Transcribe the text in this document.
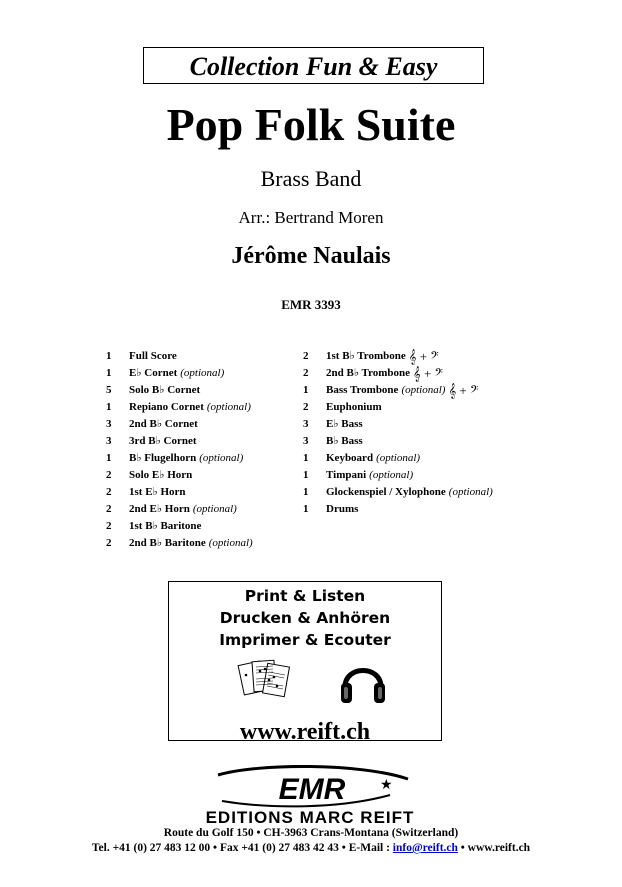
Collection Fun & Easy
Pop Folk Suite
Brass Band
Arr.: Bertrand Moren
Jérôme Naulais
EMR 3393
1	Full Score
1	E♭ Cornet (optional)
5	Solo B♭ Cornet
1	Repiano Cornet (optional)
3	2nd B♭ Cornet
3	3rd B♭ Cornet
1	B♭ Flugelhorn (optional)
2	Solo E♭ Horn
2	1st E♭ Horn
2	2nd E♭ Horn (optional)
2	1st B♭ Baritone
2	2nd B♭ Baritone (optional)
2	1st B♭ Trombone 𝄞 + 𝄢
2	2nd B♭ Trombone 𝄞 + 𝄢
1	Bass Trombone (optional) 𝄞 + 𝄢
2	Euphonium
3	E♭ Bass
3	B♭ Bass
1	Keyboard (optional)
1	Timpani (optional)
1	Glockenspiel / Xylophone (optional)
1	Drums
Print & Listen
Drucken & Anhören
Imprimer & Ecouter
www.reift.ch
EMR ★
EDITIONS MARC REIFT
Route du Golf 150 • CH-3963 Crans-Montana (Switzerland)
Tel. +41 (0) 27 483 12 00 • Fax +41 (0) 27 483 42 43 • E-Mail : info@reift.ch • www.reift.ch
